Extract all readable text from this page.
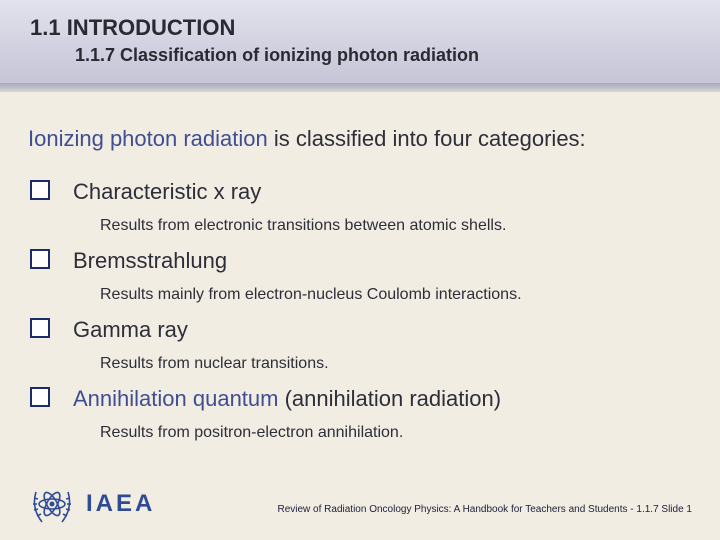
1.1 INTRODUCTION
1.1.7 Classification of ionizing photon radiation
Ionizing photon radiation is classified into four categories:
Characteristic x ray
Results from electronic transitions between atomic shells.
Bremsstrahlung
Results mainly from electron-nucleus Coulomb interactions.
Gamma ray
Results from nuclear transitions.
Annihilation quantum (annihilation radiation)
Results from positron-electron annihilation.
IAEA	Review of Radiation Oncology Physics: A Handbook for Teachers and Students - 1.1.7 Slide 1
